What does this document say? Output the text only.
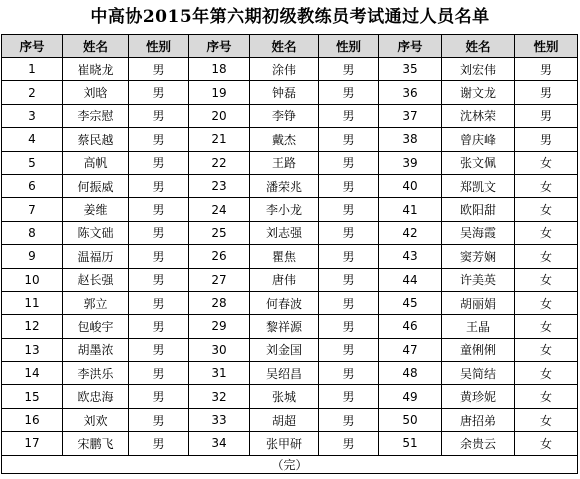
中高协2015年第六期初级教练员考试通过人员名单
序号	姓名	性别	序号	姓名	性别	序号	姓名	性别
1	崔晓龙	男	18	涂伟	男	35	刘宏伟	男
2	刘晗	男	19	钟磊	男	36	谢文龙	男
3	李宗慰	男	20	李铮	男	37	沈林荣	男
4	蔡民越	男	21	戴杰	男	38	曾庆峰	男
5	高帆	男	22	王路	男	39	张文佩	女
6	何振威	男	23	潘荣兆	男	40	郑凯文	女
7	姜维	男	24	李小龙	男	41	欧阳甜	女
8	陈文础	男	25	刘志强	男	42	吴海霞	女
9	温福历	男	26	瞿焦	男	43	窦芳娴	女
10	赵长强	男	27	唐伟	男	44	许美英	女
11	郭立	男	28	何春波	男	45	胡丽娟	女
12	包峻宇	男	29	黎祥源	男	46	王晶	女
13	胡墨浓	男	30	刘金国	男	47	童俐俐	女
14	李洪乐	男	31	吴绍昌	男	48	吴简结	女
15	欧忠海	男	32	张城	男	49	黄珍妮	女
16	刘欢	男	33	胡超	男	50	唐招弟	女
17	宋鹏飞	男	34	张甲研	男	51	余贵云	女
（完）								
